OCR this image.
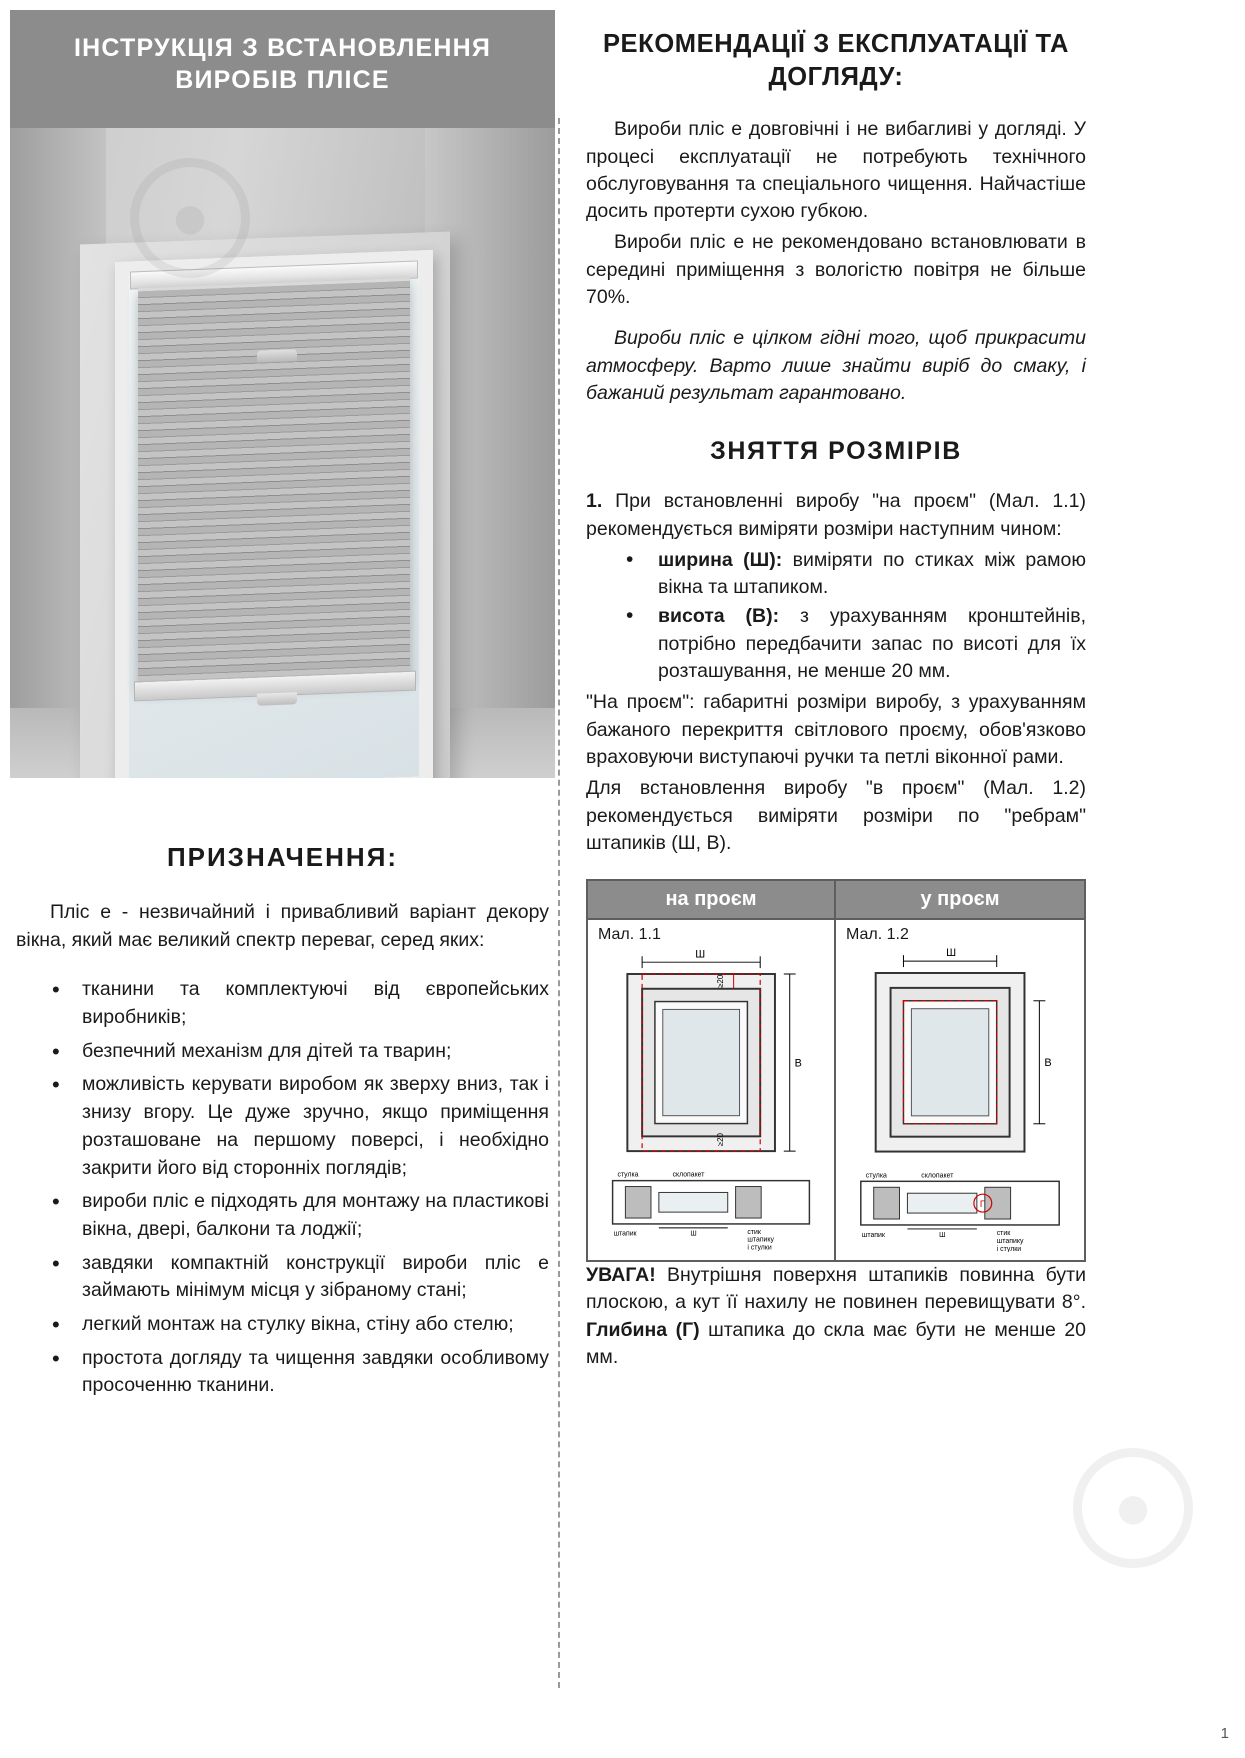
ІНСТРУКЦІЯ З ВСТАНОВЛЕННЯ ВИРОБІВ ПЛІСЕ
●
ПРИЗНАЧЕННЯ:

Пліс e - незвичайний і привабливий варіант декору вікна, який має великий спектр переваг, серед яких:

• тканини та комплектуючі від європейських виробників;
• безпечний механізм для дітей та тварин;
• можливість керувати виробом як зверху вниз, так і знизу вгору. Це дуже зручно, якщо приміщення розташоване на першому поверсі, і необхідно закрити його від сторонніх поглядів;
• вироби пліс e підходять для монтажу на пластикові вікна, двері, балкони та лоджії;
• завдяки компактній конструкції вироби пліс e займають мінімум місця у зібраному стані;
• легкий монтаж на стулку вікна, стіну або стелю;
• простота догляду та чищення завдяки особливому просоченню тканини.
РЕКОМЕНДАЦІЇ З ЕКСПЛУАТАЦІЇ ТА ДОГЛЯДУ:

Вироби пліс e довговічні і не вибагливі у догляді. У процесі експлуатації не потребують технічного обслуговування та спеціального чищення. Найчастіше досить протерти сухою губкою.

Вироби пліс e не рекомендовано встановлювати в середині приміщення з вологістю повітря не більше 70%.

Вироби пліс e цілком гідні того, щоб прикрасити атмосферу. Варто лише знайти виріб до смаку, і бажаний результат гарантовано.

ЗНЯТТЯ РОЗМІРІВ

1. При встановленні виробу "на проєм" (Мал. 1.1) рекомендується виміряти розміри наступним чином:

• ширина (Ш): виміряти по стиках між рамою вікна та штапиком.
• висота (В): з урахуванням кронштейнів, потрібно передбачити запас по висоті для їх розташування, не менше 20 мм.

"На проєм": габаритні розміри виробу, з урахуванням бажаного перекриття світлового проєму, обов'язково враховуючи виступаючі ручки та петлі віконної рами.

Для встановлення виробу "в проєм" (Мал. 1.2) рекомендується виміряти розміри по "ребрам" штапиків (Ш, В).

на проєм	у проєм
Мал. 1.1
Ш
В
≥20
≥20
стулка	склопакет
штапик	Ш	стик
штапику
і стулки
Мал. 1.2
Ш
В
стулка	склопакет
штапик	Ш	стик
штапику
і стулки
Г

УВАГА! Внутрішня поверхня штапиків повинна бути плоскою, а кут її нахилу не повинен перевищувати 8°. Глибина (Г) штапика до скла має бути не менше 20 мм.

●
1
